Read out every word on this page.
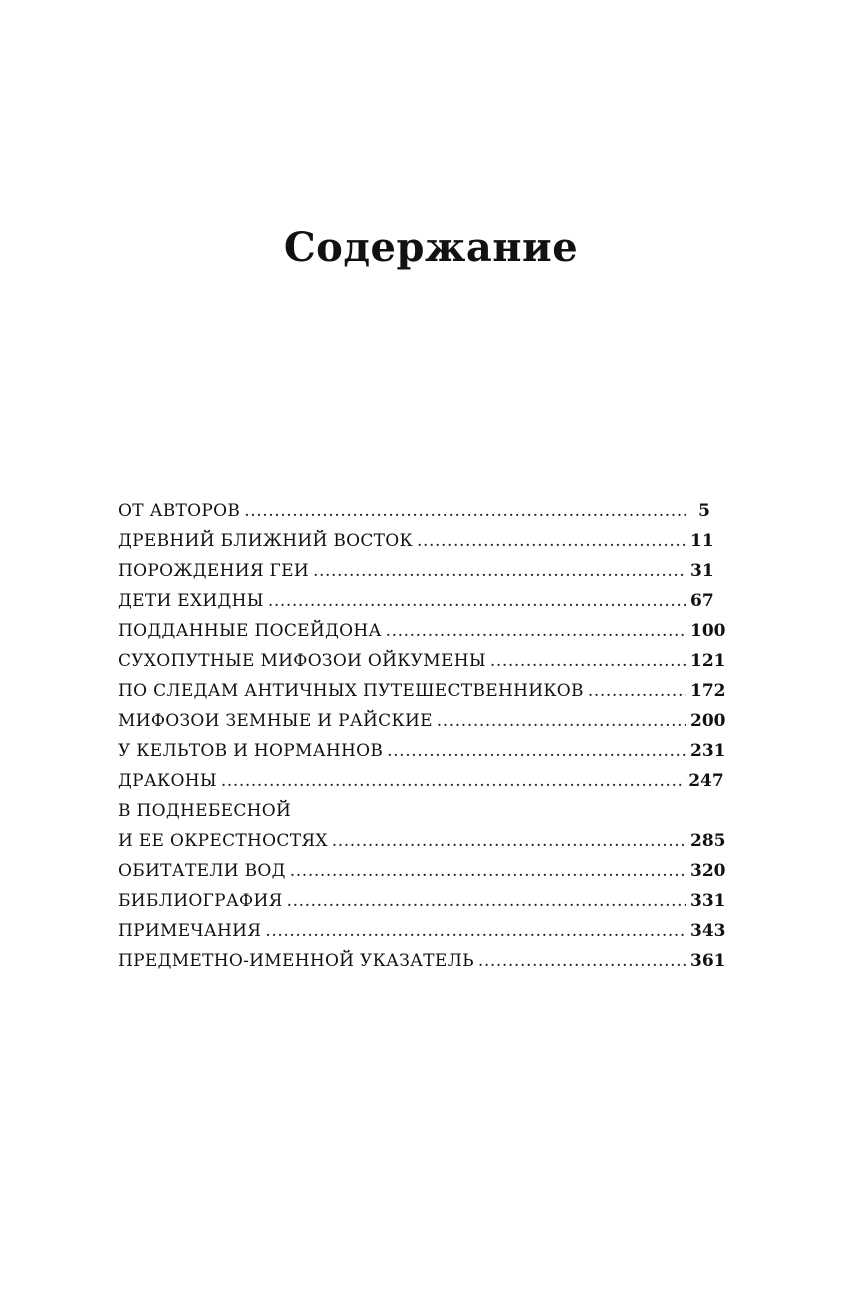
Содержание
ОТ АВТОРОВ . . .	5
ДРЕВНИЙ БЛИЖНИЙ ВОСТОК . . .	11
ПОРОЖДЕНИЯ ГЕИ . . .	31
ДЕТИ ЕХИДНЫ . . .	67
ПОДДАННЫЕ ПОСЕЙДОНА . . .	100
СУХОПУТНЫЕ МИФОЗОИ ОЙКУМЕНЫ . . .	121
ПО СЛЕДАМ АНТИЧНЫХ ПУТЕШЕСТВЕННИКОВ . . .	172
МИФОЗОИ ЗЕМНЫЕ И РАЙСКИЕ . . .	200
У КЕЛЬТОВ И НОРМАННОВ . . .	231
ДРАКОНЫ . . .	247
В ПОДНЕБЕСНОЙ
И ЕЕ ОКРЕСТНОСТЯХ . . .	285
ОБИТАТЕЛИ ВОД . . .	320
БИБЛИОГРАФИЯ . . .	331
ПРИМЕЧАНИЯ . . .	343
ПРЕДМЕТНО-ИМЕННОЙ УКАЗАТЕЛЬ . . .	361
